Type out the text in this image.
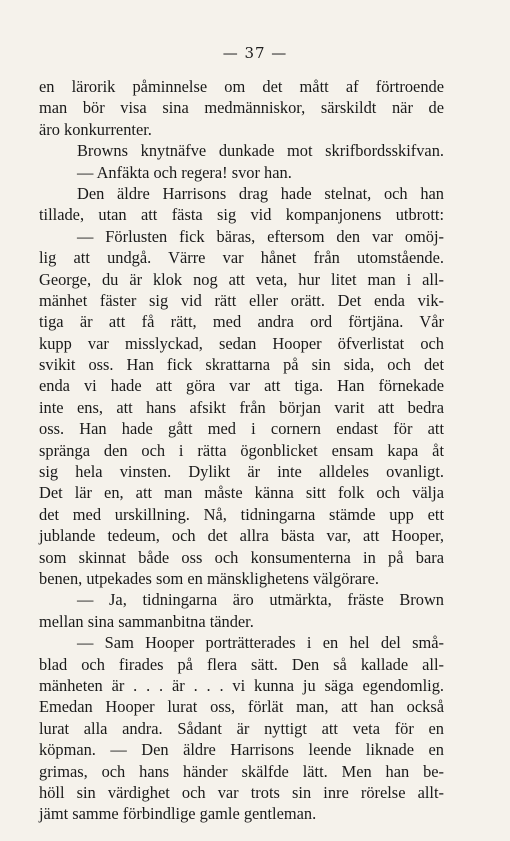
— 37 —
en lärorik påminnelse om det mått af förtroende
man bör visa sina medmänniskor, särskildt när de
äro konkurrenter.
Browns knytnäfve dunkade mot skrifbordsskifvan.
— Anfäkta och regera! svor han.
Den äldre Harrisons drag hade stelnat, och han
tillade, utan att fästa sig vid kompanjonens utbrott:
— Förlusten fick bäras, eftersom den var omöj-
lig att undgå. Värre var hånet från utomstående.
George, du är klok nog att veta, hur litet man i all-
mänhet fäster sig vid rätt eller orätt. Det enda vik-
tiga är att få rätt, med andra ord förtjäna. Vår
kupp var misslyckad, sedan Hooper öfverlistat och
svikit oss. Han fick skrattarna på sin sida, och det
enda vi hade att göra var att tiga. Han förnekade
inte ens, att hans afsikt från början varit att bedra
oss. Han hade gått med i cornern endast för att
spränga den och i rätta ögonblicket ensam kapa åt
sig hela vinsten. Dylikt är inte alldeles ovanligt.
Det lär en, att man måste känna sitt folk och välja
det med urskillning. Nå, tidningarna stämde upp ett
jublande tedeum, och det allra bästa var, att Hooper,
som skinnat både oss och konsumenterna in på bara
benen, utpekades som en mänsklighetens välgörare.
— Ja, tidningarna äro utmärkta, fräste Brown
mellan sina sammanbitna tänder.
— Sam Hooper porträtterades i en hel del små-
blad och firades på flera sätt. Den så kallade all-
mänheten är . . . är . . . vi kunna ju säga egendomlig.
Emedan Hooper lurat oss, förlät man, att han också
lurat alla andra. Sådant är nyttigt att veta för en
köpman. — Den äldre Harrisons leende liknade en
grimas, och hans händer skälfde lätt. Men han be-
höll sin värdighet och var trots sin inre rörelse allt-
jämt samme förbindlige gamle gentleman.
